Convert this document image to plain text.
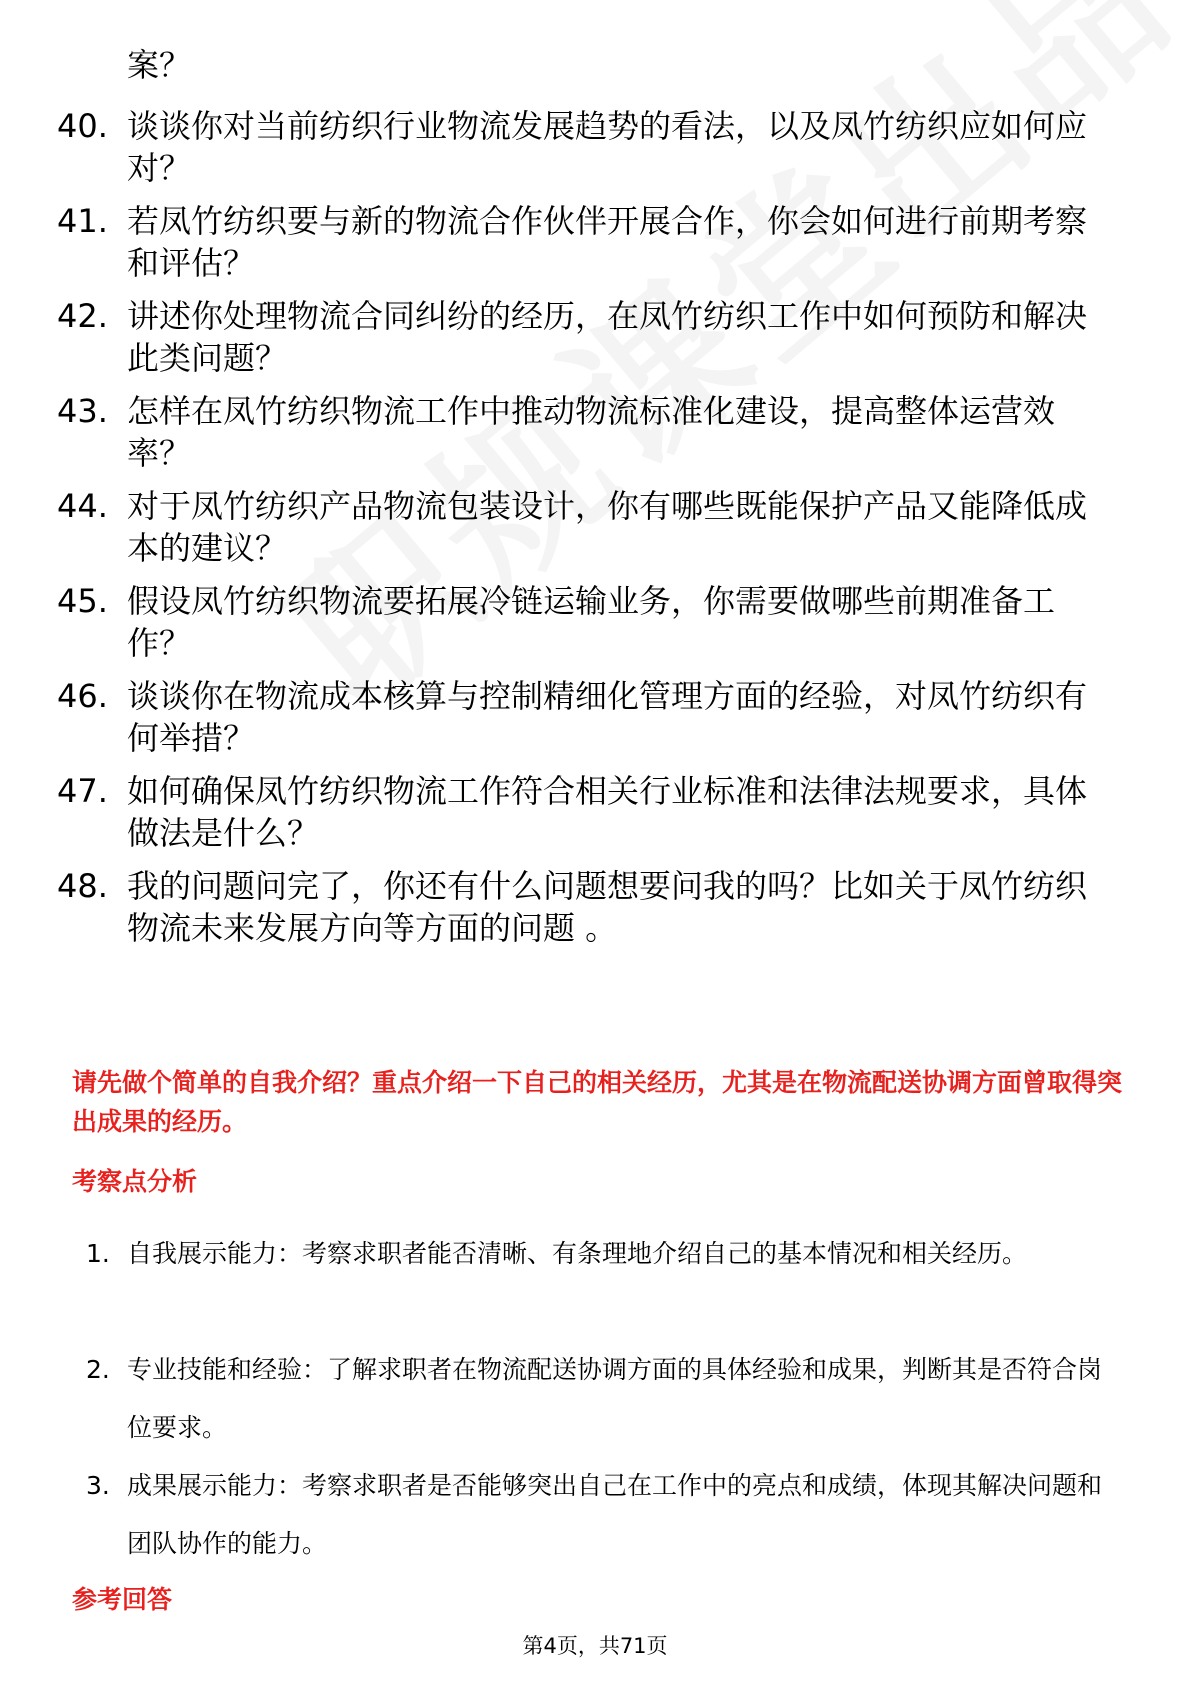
案？
40. 谈谈你对当前纺织行业物流发展趋势的看法，以及凤竹纺织应如何应对？
41. 若凤竹纺织要与新的物流合作伙伴开展合作，你会如何进行前期考察和评估？
42. 讲述你处理物流合同纠纷的经历，在凤竹纺织工作中如何预防和解决此类问题？
43. 怎样在凤竹纺织物流工作中推动物流标准化建设，提高整体运营效率？
44. 对于凤竹纺织产品物流包装设计，你有哪些既能保护产品又能降低成本的建议？
45. 假设凤竹纺织物流要拓展冷链运输业务，你需要做哪些前期准备工作？
46. 谈谈你在物流成本核算与控制精细化管理方面的经验，对凤竹纺织有何举措？
47. 如何确保凤竹纺织物流工作符合相关行业标准和法律法规要求，具体做法是什么？
48. 我的问题问完了，你还有什么问题想要问我的吗？比如关于凤竹纺织物流未来发展方向等方面的问题 。
请先做个简单的自我介绍？重点介绍一下自己的相关经历，尤其是在物流配送协调方面曾取得突出成果的经历。
考察点分析
1. 自我展示能力：考察求职者能否清晰、有条理地介绍自己的基本情况和相关经历。
2. 专业技能和经验：了解求职者在物流配送协调方面的具体经验和成果，判断其是否符合岗位要求。
3. 成果展示能力：考察求职者是否能够突出自己在工作中的亮点和成绩，体现其解决问题和团队协作的能力。
参考回答
第4页，共71页
